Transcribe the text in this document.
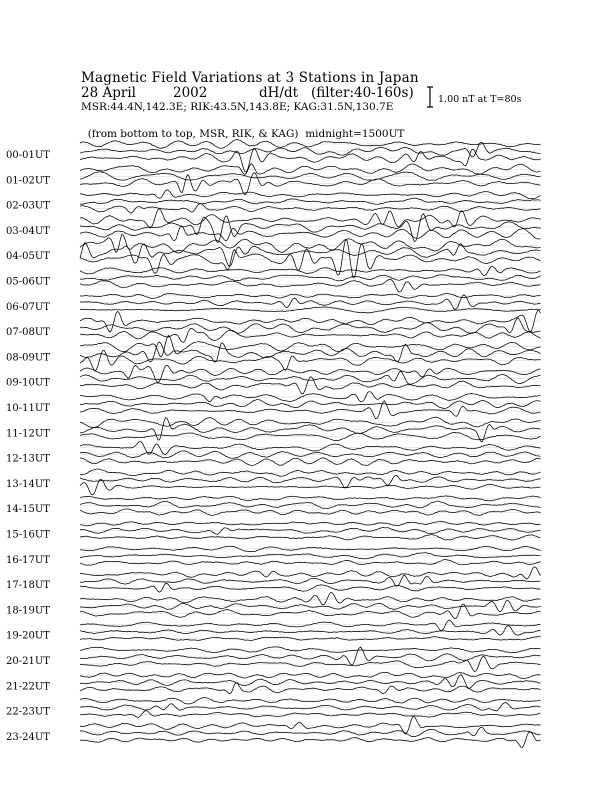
Magnetic Field Variations at 3 Stations in Japan

28 April

	2002

	dH/dt

(filter:40-160s)

MSR:44.4N,142.3E; RIK:43.5N,143.8E; KAG:31.5N,130.7E

(from bottom to top, MSR, RIK, & KAG) midnight=1500UT

1.00 nT at T=80s
00-01UT
01-02UT
02-03UT
03-04UT
04-05UT
05-06UT
06-07UT
07-08UT
08-09UT
09-10UT
10-11UT
11-12UT
12-13UT
13-14UT
14-15UT
15-16UT
16-17UT
17-18UT
18-19UT
19-20UT
20-21UT
21-22UT
22-23UT
23-24UT
